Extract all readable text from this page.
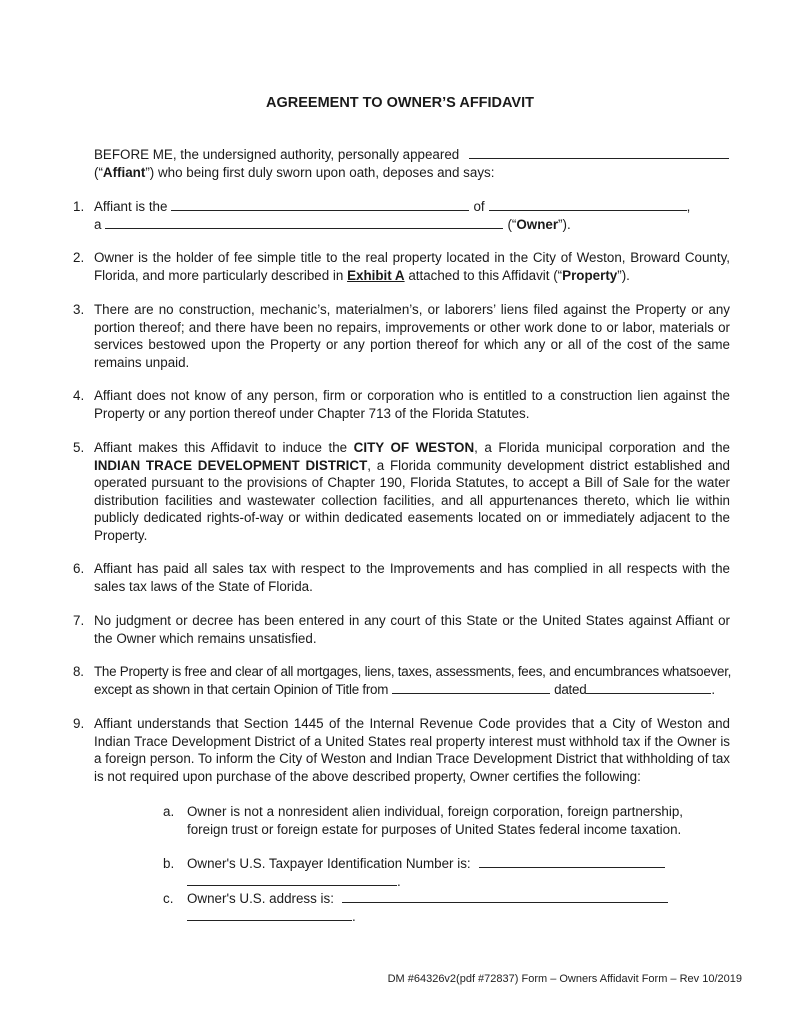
AGREEMENT TO OWNER’S AFFIDAVIT
BEFORE ME, the undersigned authority, personally appeared
(“Affiant”) who being first duly sworn upon oath, deposes and says:
1. Affiant is the	of	,
a	(“ Owner ”).
2. Owner is the holder of fee simple title to the real property located in the City of Weston, Broward County, Florida, and more particularly described in Exhibit A attached to this Affidavit (“Property”).
3. There are no construction, mechanic’s, materialmen’s, or laborers’ liens filed against the Property or any portion thereof; and there have been no repairs, improvements or other work done to or labor, materials or services bestowed upon the Property or any portion thereof for which any or all of the cost of the same remains unpaid.
4. Affiant does not know of any person, firm or corporation who is entitled to a construction lien against the Property or any portion thereof under Chapter 713 of the Florida Statutes.
5. Affiant makes this Affidavit to induce the CITY OF WESTON, a Florida municipal corporation and the INDIAN TRACE DEVELOPMENT DISTRICT, a Florida community development district established and operated pursuant to the provisions of Chapter 190, Florida Statutes, to accept a Bill of Sale for the water distribution facilities and wastewater collection facilities, and all appurtenances thereto, which lie within publicly dedicated rights-of-way or within dedicated easements located on or immediately adjacent to the Property.
6. Affiant has paid all sales tax with respect to the Improvements and has complied in all respects with the sales tax laws of the State of Florida.
7. No judgment or decree has been entered in any court of this State or the United States against Affiant or the Owner which remains unsatisfied.
8. The Property is free and clear of all mortgages, liens, taxes, assessments, fees, and encumbrances whatsoever,
except as shown in that certain Opinion of Title from	dated	.
9. Affiant understands that Section 1445 of the Internal Revenue Code provides that a City of Weston and Indian Trace Development District of a United States real property interest must withhold tax if the Owner is a foreign person. To inform the City of Weston and Indian Trace Development District that withholding of tax is not required upon purchase of the above described property, Owner certifies the following:
a. Owner is not a nonresident alien individual, foreign corporation, foreign partnership, foreign trust or foreign estate for purposes of United States federal income taxation.
b. Owner's U.S. Taxpayer Identification Number is:
.
c.	Owner's U.S. address is:
.
DM #64326v2(pdf #72837) Form – Owners Affidavit Form – Rev 10/2019
